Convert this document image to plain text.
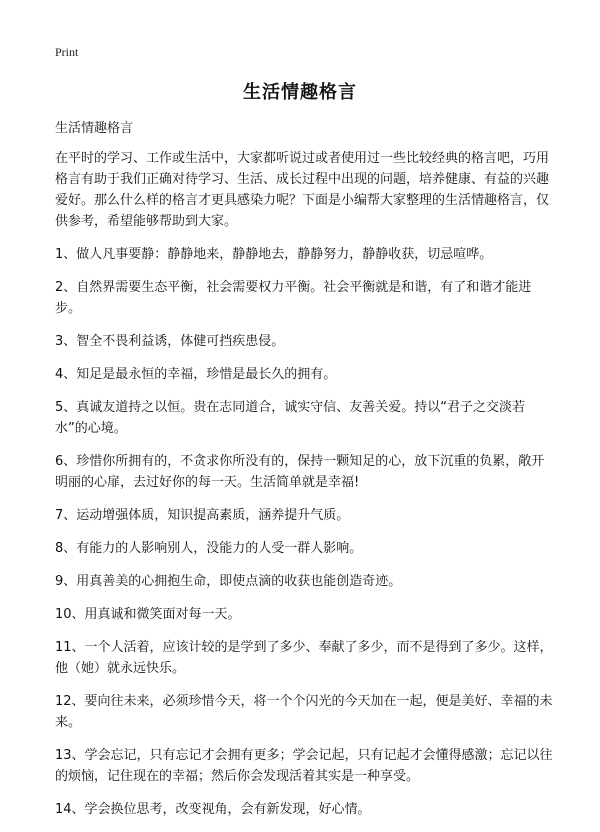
Print
生活情趣格言

生活情趣格言

在平时的学习、工作或生活中，大家都听说过或者使用过一些比较经典的格言吧，巧用格言有助于我们正确对待学习、生活、成长过程中出现的问题，培养健康、有益的兴趣爱好。那么什么样的格言才更具感染力呢？下面是小编帮大家整理的生活情趣格言，仅供参考，希望能够帮助到大家。

1、做人凡事要静：静静地来，静静地去，静静努力，静静收获，切忌喧哗。

2、自然界需要生态平衡，社会需要权力平衡。社会平衡就是和谐，有了和谐才能进步。

3、智全不畏利益诱，体健可挡疾患侵。

4、知足是最永恒的幸福，珍惜是最长久的拥有。

5、真诚友道持之以恒。贵在志同道合，诚实守信、友善关爱。持以“君子之交淡若水”的心境。

6、珍惜你所拥有的，不贪求你所没有的，保持一颗知足的心，放下沉重的负累，敞开明丽的心扉，去过好你的每一天。生活简单就是幸福!

7、运动增强体质，知识提高素质，涵养提升气质。

8、有能力的人影响别人，没能力的人受一群人影响。

9、用真善美的心拥抱生命，即使点滴的收获也能创造奇迹。

10、用真诚和微笑面对每一天。

11、一个人活着，应该计较的是学到了多少、奉献了多少，而不是得到了多少。这样，他（她）就永远快乐。

12、要向往未来，必须珍惜今天，将一个个闪光的今天加在一起，便是美好、幸福的未来。

13、学会忘记，只有忘记才会拥有更多；学会记起，只有记起才会懂得感激；忘记以往的烦恼，记住现在的幸福；然后你会发现活着其实是一种享受。

14、学会换位思考，改变视角，会有新发现，好心情。
